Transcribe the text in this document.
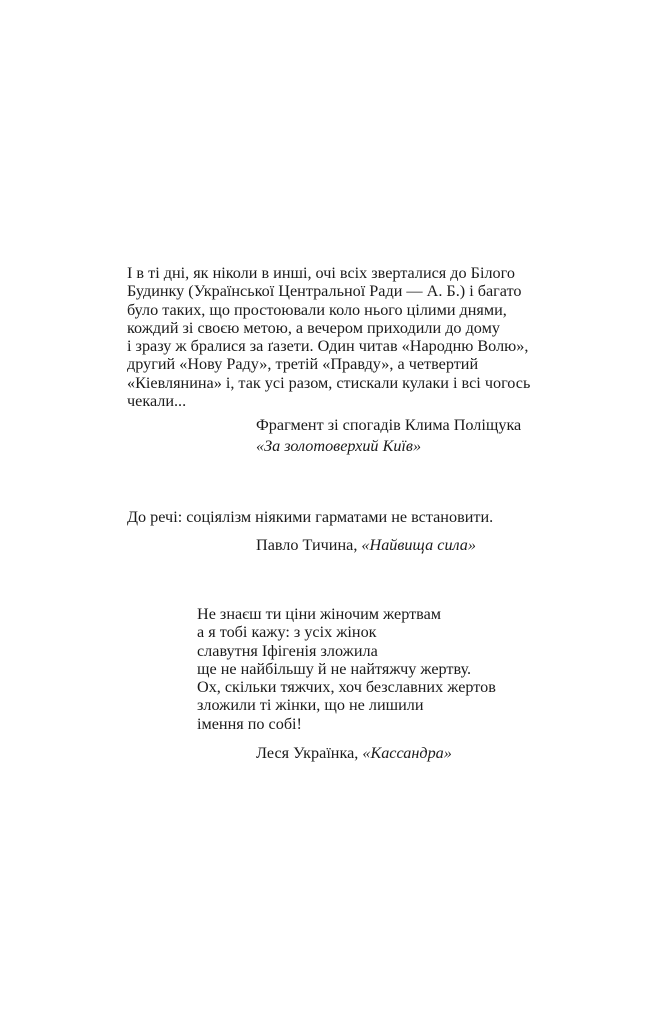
І в ті дні, як ніколи в инші, очі всіх зверталися до Білого
Будинку (Української Центральної Ради — А. Б.) і багато
було таких, що простоювали коло нього цілими днями,
кождий зі своєю метою, а вечером приходили до дому
і зразу ж бралися за ґазети. Один читав «Народню Волю»,
другий «Нову Раду», третій «Правду», а четвертий
«Кіевлянина» і, так усі разом, стискали кулаки і всі чогось
чекали...
Фрагмент зі спогадів Клима Поліщука
«За золотоверхий Київ»
До речі: соціялізм ніякими гарматами не встановити.
Павло Тичина, «Найвища сила»
Не знаєш ти ціни жіночим жертвам
а я тобі кажу: з усіх жінок
славутня Іфігенія зложила
ще не найбільшу й не найтяжчу жертву.
Ох, скільки тяжчих, хоч безславних жертов
зложили ті жінки, що не лишили
імення по собі!
Леся Українка, «Кассандра»
